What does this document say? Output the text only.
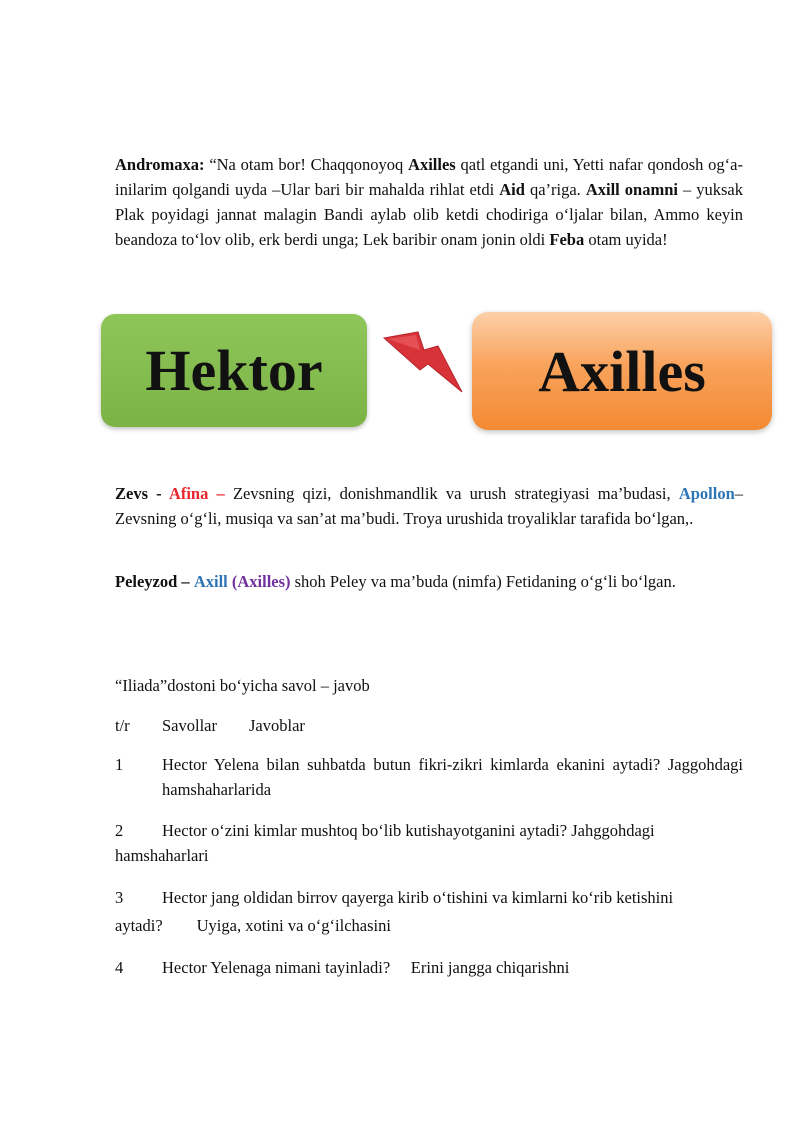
Andromaxa: “Na otam bor! Chaqqonoyoq Axilles qatl etgandi uni, Yetti nafar qondosh og‘a-inilarim qolgandi uyda –Ular bari bir mahalda rihlat etdi Aid qa’riga. Axill onamni – yuksak Plak poyidagi jannat malagin Bandi aylab olib ketdi chodiriga o‘ljalar bilan, Ammo keyin beandoza to‘lov olib, erk berdi unga; Lek baribir onam jonin oldi Feba otam uyida!
Hektor	Axilles
Zevs - Afina – Zevsning qizi, donishmandlik va urush strategiyasi ma’budasi, Apollon– Zevsning o‘g‘li, musiqa va san’at ma’budi. Troya urushida troyaliklar tarafida bo‘lgan,.
Peleyzod – Axill (Axilles) shoh Peley va ma’buda (nimfa) Fetidaning o‘g‘li bo‘lgan.
“Iliada”dostoni boʻyicha savol – javob
t/r Savollar Javoblar
1 Hector Yelena bilan suhbatda butun fikri-zikri kimlarda ekanini aytadi? Jaggohdagi hamshaharlarida
2 Hector oʻzini kimlar mushtoq boʻlib kutishayotganini aytadi? Jahggohdagi
hamshaharlari
3 Hector jang oldidan birrov qayerga kirib oʻtishini va kimlarni koʻrib ketishini
aytadi? Uyiga, xotini va oʻgʻilchasini
4 Hector Yelenaga nimani tayinladi?     Erini jangga chiqarishni
